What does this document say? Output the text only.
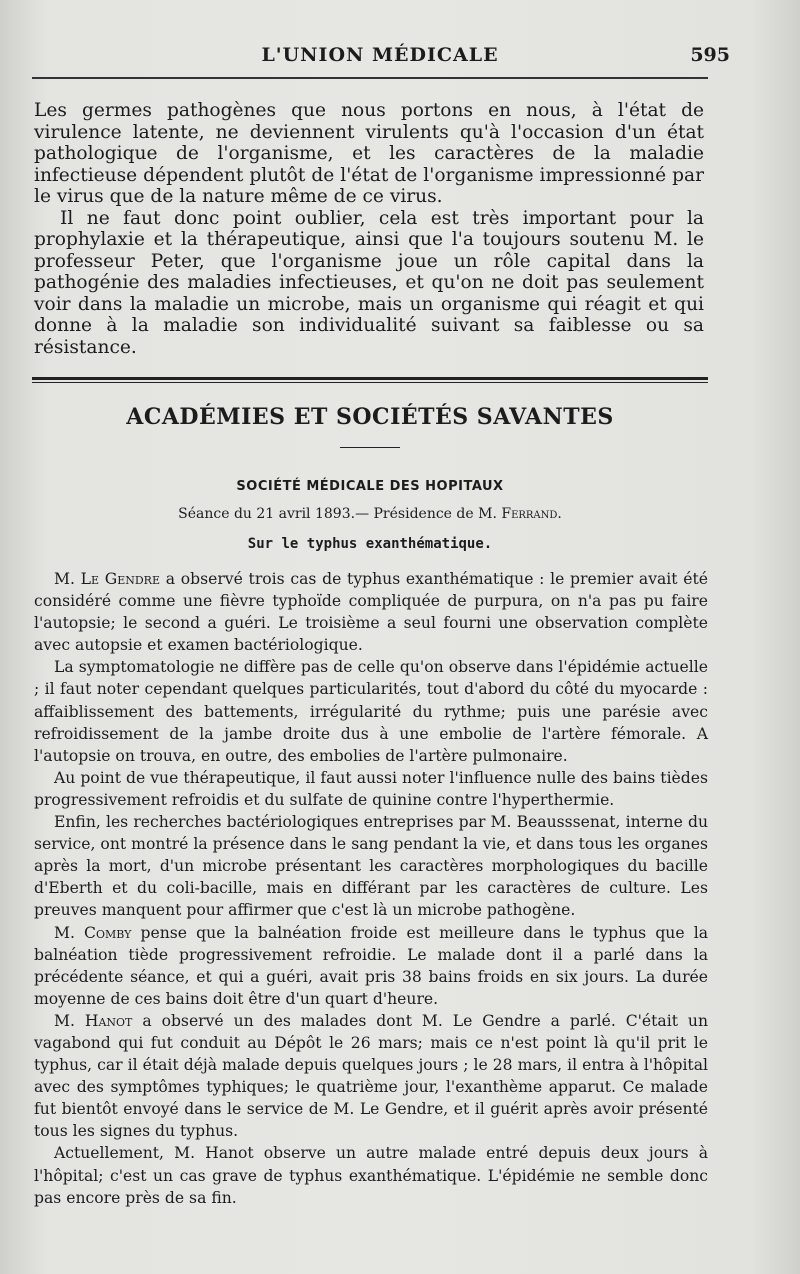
L'UNION MÉDICALE	595

Les germes pathogènes que nous portons en nous, à l'état de virulence latente, ne deviennent virulents qu'à l'occasion d'un état pathologique de l'organisme, et les caractères de la maladie infectieuse dépendent plutôt de l'état de l'organisme impressionné par le virus que de la nature même de ce virus.

Il ne faut donc point oublier, cela est très important pour la prophylaxie et la thérapeutique, ainsi que l'a toujours soutenu M. le professeur Peter, que l'organisme joue un rôle capital dans la pathogénie des maladies infectieuses, et qu'on ne doit pas seulement voir dans la maladie un microbe, mais un organisme qui réagit et qui donne à la maladie son individualité suivant sa faiblesse ou sa résistance.

ACADÉMIES ET SOCIÉTÉS SAVANTES
SOCIÉTÉ MÉDICALE DES HOPITAUX
Séance du 21 avril 1893.— Présidence de M. Ferrand.
Sur le typhus exanthématique.

M. Le Gendre a observé trois cas de typhus exanthématique : le premier avait été considéré comme une fièvre typhoïde compliquée de purpura, on n'a pas pu faire l'autopsie; le second a guéri. Le troisième a seul fourni une observation complète avec autopsie et examen bactériologique.

La symptomatologie ne diffère pas de celle qu'on observe dans l'épidémie actuelle ; il faut noter cependant quelques particularités, tout d'abord du côté du myocarde : affaiblissement des battements, irrégularité du rythme; puis une parésie avec refroidissement de la jambe droite dus à une embolie de l'artère fémorale. A l'autopsie on trouva, en outre, des embolies de l'artère pulmonaire.

Au point de vue thérapeutique, il faut aussi noter l'influence nulle des bains tièdes progressivement refroidis et du sulfate de quinine contre l'hyperthermie.

Enfin, les recherches bactériologiques entreprises par M. Beausssenat, interne du service, ont montré la présence dans le sang pendant la vie, et dans tous les organes après la mort, d'un microbe présentant les caractères morphologiques du bacille d'Eberth et du coli-bacille, mais en différant par les caractères de culture. Les preuves manquent pour affirmer que c'est là un microbe pathogène.

M. Comby pense que la balnéation froide est meilleure dans le typhus que la balnéation tiède progressivement refroidie. Le malade dont il a parlé dans la précédente séance, et qui a guéri, avait pris 38 bains froids en six jours. La durée moyenne de ces bains doit être d'un quart d'heure.

M. Hanot a observé un des malades dont M. Le Gendre a parlé. C'était un vagabond qui fut conduit au Dépôt le 26 mars; mais ce n'est point là qu'il prit le typhus, car il était déjà malade depuis quelques jours ; le 28 mars, il entra à l'hôpital avec des symptômes typhiques; le quatrième jour, l'exanthème apparut. Ce malade fut bientôt envoyé dans le service de M. Le Gendre, et il guérit après avoir présenté tous les signes du typhus.

Actuellement, M. Hanot observe un autre malade entré depuis deux jours à l'hôpital; c'est un cas grave de typhus exanthématique. L'épidémie ne semble donc pas encore près de sa fin.
